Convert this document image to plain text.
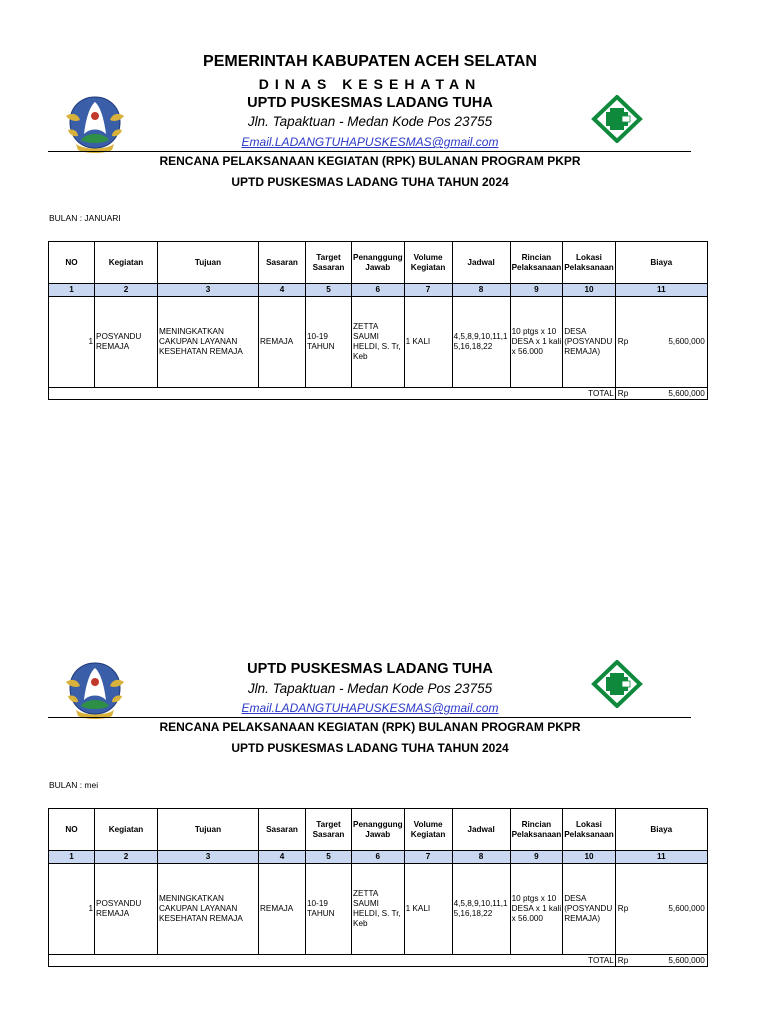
PEMERINTAH KABUPATEN ACEH SELATAN
DINAS KESEHATAN
UPTD PUSKESMAS LADANG TUHA
Jln. Tapaktuan - Medan Kode Pos 23755
Email.LADANGTUHAPUSKESMAS@gmail.com
RENCANA PELAKSANAAN KEGIATAN (RPK) BULANAN PROGRAM PKPR
UPTD PUSKESMAS LADANG TUHA TAHUN 2024
BULAN : JANUARI
NO	Kegiatan	Tujuan	Sasaran	Target Sasaran	Penanggung Jawab	Volume Kegiatan	Jadwal	Rincian Pelaksanaan	Lokasi Pelaksanaan	Biaya
1	2	3	4	5	6	7	8	9	10	11
1	POSYANDU REMAJA	MENINGKATKAN CAKUPAN LAYANAN KESEHATAN REMAJA	REMAJA	10-19 TAHUN	ZETTA SAUMI HELDI, S. Tr, Keb	1 KALI	4,5,8,9,10,11,15,16,18,22	10 ptgs x 10 DESA x 1 kali x 56.000	DESA (POSYANDU REMAJA)	Rp 5,600,000

TOTAL										Rp 5,600,000
UPTD PUSKESMAS LADANG TUHA
Jln. Tapaktuan - Medan Kode Pos 23755
Email.LADANGTUHAPUSKESMAS@gmail.com
RENCANA PELAKSANAAN KEGIATAN (RPK) BULANAN PROGRAM PKPR
UPTD PUSKESMAS LADANG TUHA TAHUN 2024
BULAN : mei
NO	Kegiatan	Tujuan	Sasaran	Target Sasaran	Penanggung Jawab	Volume Kegiatan	Jadwal	Rincian Pelaksanaan	Lokasi Pelaksanaan	Biaya
1	2	3	4	5	6	7	8	9	10	11
1	POSYANDU REMAJA	MENINGKATKAN CAKUPAN LAYANAN KESEHATAN REMAJA	REMAJA	10-19 TAHUN	ZETTA SAUMI HELDI, S. Tr, Keb	1 KALI	4,5,8,9,10,11,15,16,18,22	10 ptgs x 10 DESA x 1 kali x 56.000	DESA (POSYANDU REMAJA)	Rp 5,600,000

TOTAL										Rp 5,600,000
